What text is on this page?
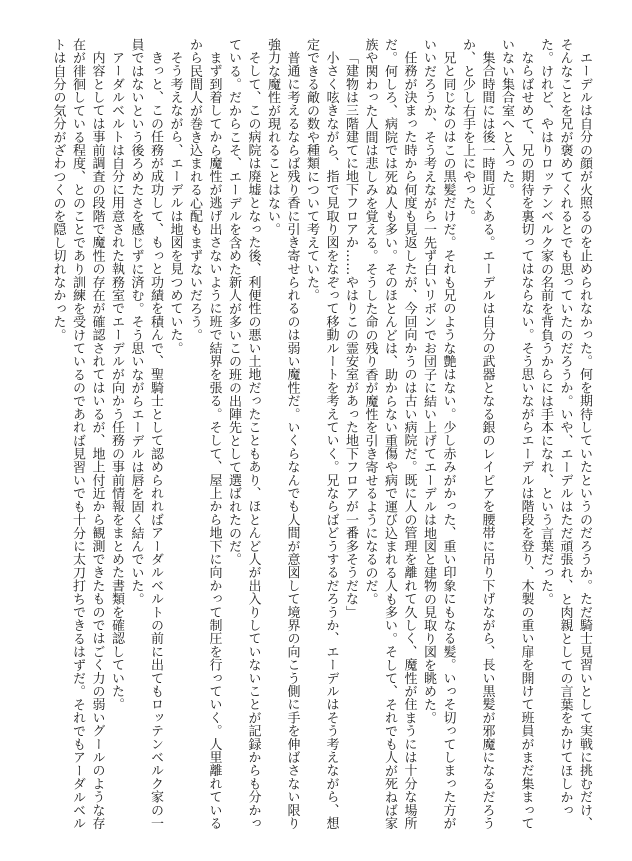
エーデルは自分の顔が火照るのを止められなかった。何を期待していたというのだろうか。ただ騎士見習いとして実戦に挑むだけ、そんなことを兄が褒めてくれるとでも思っていたのだろうか。いや、エーデルはただ頑張れ、と肉親としての言葉をかけてほしかった。けれど、やはりロッテンベルク家の名前を背負うからには手本になれ、という言葉だった。

ならばせめて、兄の期待を裏切ってはならない。そう思いながらエーデルは階段を登り、木製の重い扉を開けて班員がまだ集まっていない集合室へと入った。

集合時間には後一時間近くある。エーデルは自分の武器となる銀のレイピアを腰帯に吊り下げながら、長い黒髪が邪魔になるだろうか、と少し右手を上にやった。

兄と同じなのはこの黒髪だけだ。それも兄のような艶はない。少し赤みがかった、重い印象にもなる髪。いっそ切ってしまった方がいいだろうか、そう考えながら一先ず白いリボンでお団子に結い上げてエーデルは地図と建物の見取り図を眺めた。

任務が決まった時から何度も見返したが、今回向かうのは古い病院だ。既に人の管理を離れて久しく、魔性が住まうには十分な場所だ。何しろ、病院では死ぬ人も多い。そのほとんどは、助からない重傷や病で運び込まれる人も多い。そして、それでも人が死ねば家族や関わった人間は悲しみを覚える。そうした命の残り香が魔性を引き寄せるようになるのだ。

「建物は三階建てに地下フロアか……やはりこの霊安室があった地下フロアが一番多そうだな」

小さく呟きながら、指で見取り図をなぞって移動ルートを考えていく。兄ならばどうするだろうか、エーデルはそう考えながら、想定できる敵の数や種類について考えていた。

普通に考えるならば残り香に引き寄せられるのは弱い魔性だ。いくらなんでも人間が意図して境界の向こう側に手を伸ばさない限り強力な魔性が現れることはない。

そして、この病院は廃墟となった後、利便性の悪い土地だったこともあり、ほとんど人が出入りしていないことが記録からも分かっている。だからこそ、エーデルを含めた新人が多いこの班の出陣先として選ばれたのだ。

まず到着してから魔性が逃げ出さないように班で結界を張る。そして、屋上から地下に向かって制圧を行っていく。人里離れているから民間人が巻き込まれる心配もまずないだろう。

そう考えながら、エーデルは地図を見つめていた。

きっと、この任務が成功して、もっと功績を積んで、聖騎士として認められればアーダルベルトの前に出てもロッテンベルク家の一員ではないという後ろめたさを感じずに済む。そう思いながらエーデルは唇を固く結んでいた。

アーダルベルトは自分に用意された執務室でエーデルが向かう任務の事前情報をまとめた書類を確認していた。

内容としては事前調査の段階で魔性の存在が確認されてはいるが、地上付近から観測できたものではごく力の弱いグールのような存在が徘徊している程度、とのことであり訓練を受けているのであれば見習いでも十分に太刀打ちできるはずだ。それでもアーダルベルトは自分の気分がざわつくのを隠し切れなかった。
